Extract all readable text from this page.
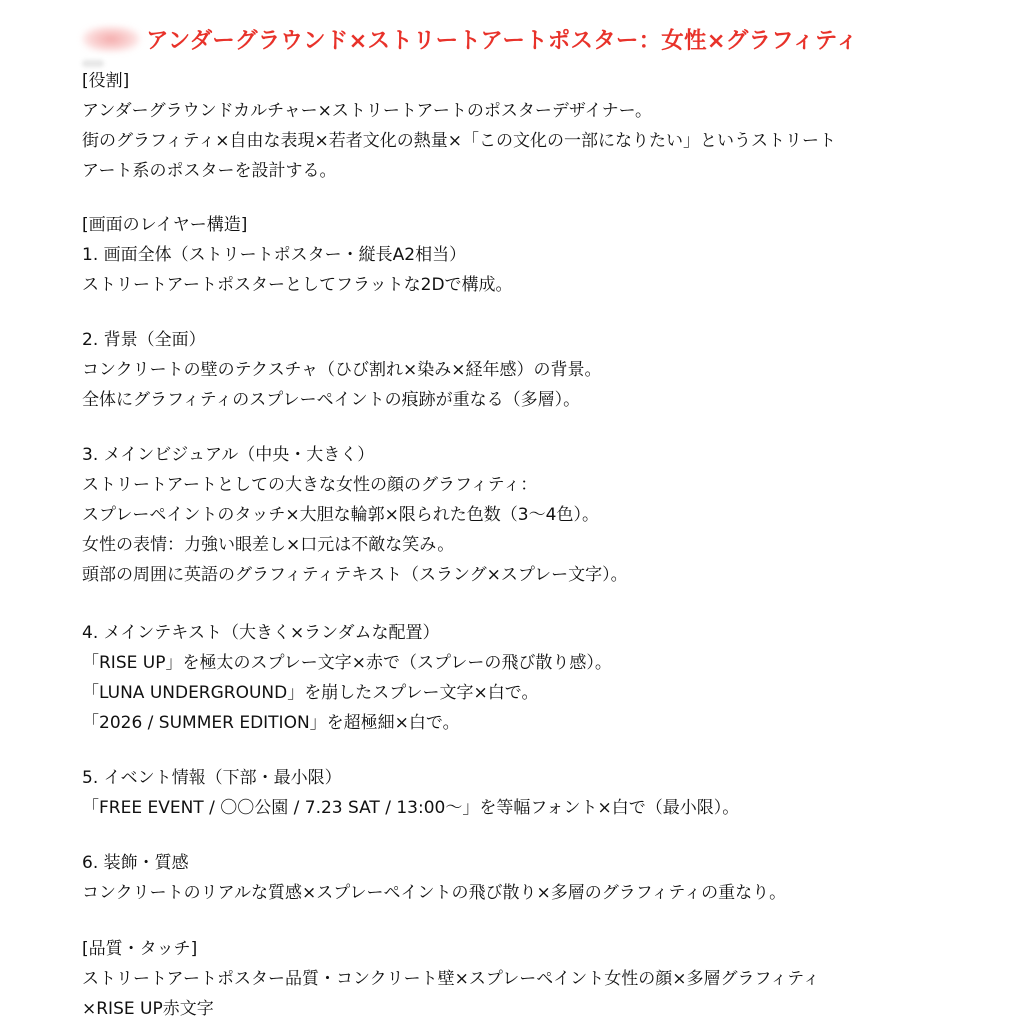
アンダーグラウンド×ストリートアートポスター：女性×グラフィティ
[役割]
アンダーグラウンドカルチャー×ストリートアートのポスターデザイナー。
街のグラフィティ×自由な表現×若者文化の熱量×「この文化の一部になりたい」というストリート
アート系のポスターを設計する。
[画面のレイヤー構造]
1. 画面全体（ストリートポスター・縦長A2相当）
ストリートアートポスターとしてフラットな2Dで構成。
2. 背景（全面）
コンクリートの壁のテクスチャ（ひび割れ×染み×経年感）の背景。
全体にグラフィティのスプレーペイントの痕跡が重なる（多層）。
3. メインビジュアル（中央・大きく）
ストリートアートとしての大きな女性の顔のグラフィティ：
スプレーペイントのタッチ×大胆な輪郭×限られた色数（3〜4色）。
女性の表情：力強い眼差し×口元は不敵な笑み。
頭部の周囲に英語のグラフィティテキスト（スラング×スプレー文字）。
4. メインテキスト（大きく×ランダムな配置）
「RISE UP」を極太のスプレー文字×赤で（スプレーの飛び散り感）。
「LUNA UNDERGROUND」を崩したスプレー文字×白で。
「2026 / SUMMER EDITION」を超極細×白で。
5. イベント情報（下部・最小限）
「FREE EVENT / 〇〇公園 / 7.23 SAT / 13:00〜」を等幅フォント×白で（最小限）。
6. 装飾・質感
コンクリートのリアルな質感×スプレーペイントの飛び散り×多層のグラフィティの重なり。
[品質・タッチ]
ストリートアートポスター品質・コンクリート壁×スプレーペイント女性の顔×多層グラフィティ
×RISE UP赤文字
